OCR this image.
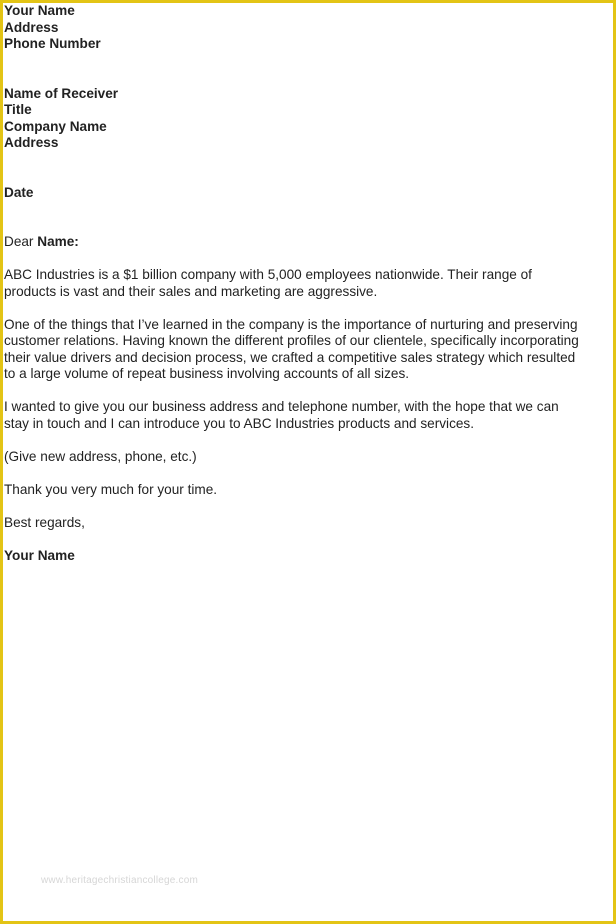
Your Name
Address
Phone Number
Name of Receiver
Title
Company Name
Address
Date
Dear Name:
ABC Industries is a $1 billion company with 5,000 employees nationwide. Their range of
products is vast and their sales and marketing are aggressive.
One of the things that I’ve learned in the company is the importance of nurturing and preserving
customer relations. Having known the different profiles of our clientele, specifically incorporating
their value drivers and decision process, we crafted a competitive sales strategy which resulted
to a large volume of repeat business involving accounts of all sizes.
I wanted to give you our business address and telephone number, with the hope that we can
stay in touch and I can introduce you to ABC Industries products and services.
(Give new address, phone, etc.)
Thank you very much for your time.
Best regards,
Your Name
www.heritagechristiancollege.com
